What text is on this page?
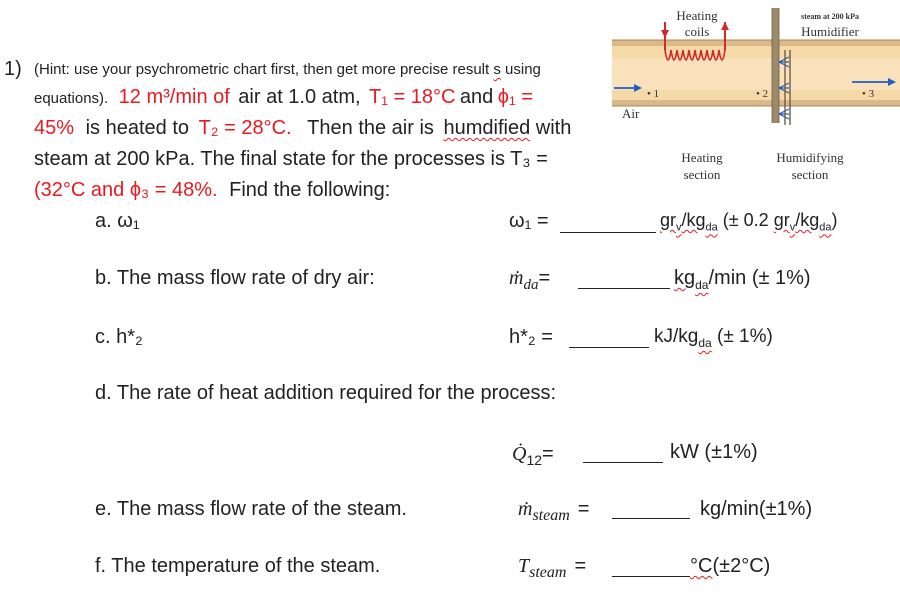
1) (Hint: use your psychrometric chart first, then get more precise result s using
equations). 12 m³/min of air at 1.0 atm, T₁ = 18°C and ϕ₁ =
45% is heated to T₂ = 28°C. Then the air is humdified with
steam at 200 kPa. The final state for the processes is T₃ =
(32°C and ϕ₃ = 48%. Find the following:
a. ω₁	ω₁ =	$gr_v/kg_{da}$ (± 0.2 $gr_v/kg_{da}$)
b. The mass flow rate of dry air:	ṁ$_{da}$=	$kg_{da}/\min$ (± 1%)
c. h*₂	h*₂ =	$kJ/kg_{da}$ (± 1%)
d. The rate of heat addition required for the process:
$Q̇_{12}=$	kW (±1%)
e. The mass flow rate of the steam.	ṁ$_{steam}$ =	kg/min(±1%)
f. The temperature of the steam.	$T_{steam}$ =	°C(±2°C)
Heating
coils
steam at 200 kPa
Humidifier
Air
• 1	• 2	• 3
Heating
section
Humidifying
section
